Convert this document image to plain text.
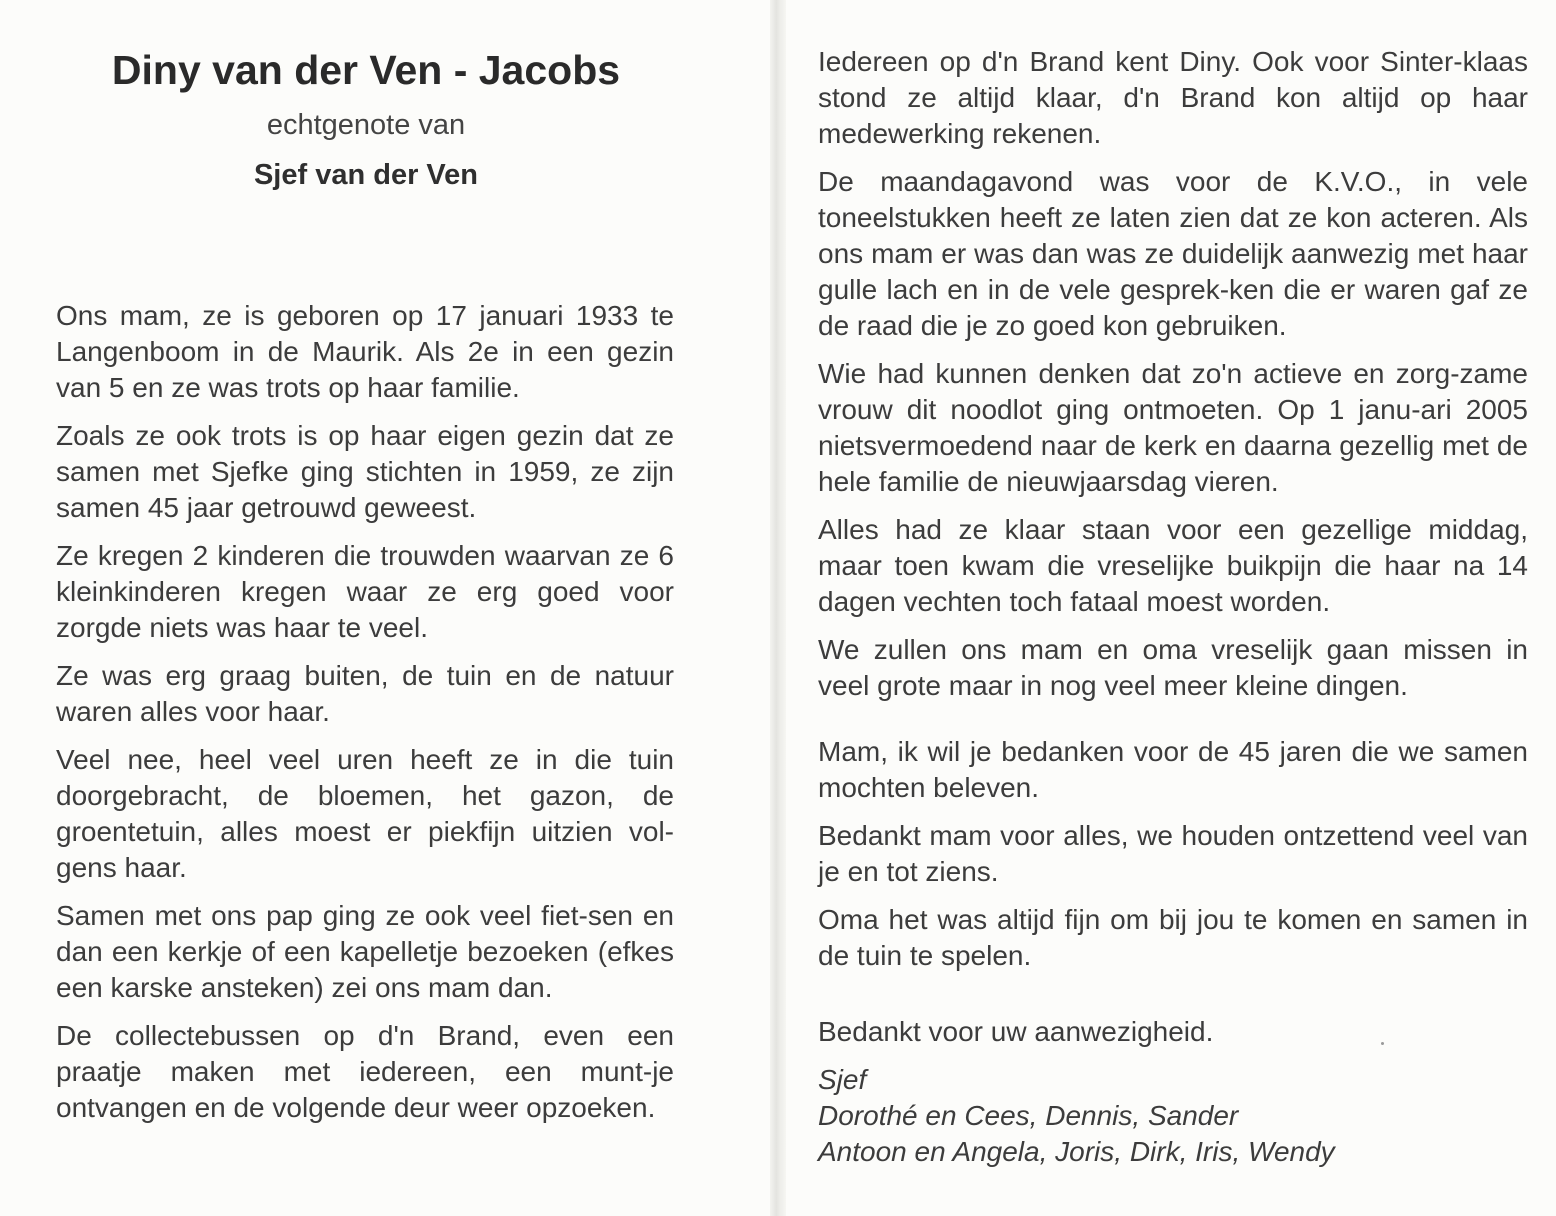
Diny van der Ven - Jacobs
echtgenote van
Sjef van der Ven

Ons mam, ze is geboren op 17 januari 1933 te Langenboom in de Maurik. Als 2e in een gezin van 5 en ze was trots op haar familie.

Zoals ze ook trots is op haar eigen gezin dat ze samen met Sjefke ging stichten in 1959, ze zijn samen 45 jaar getrouwd geweest.

Ze kregen 2 kinderen die trouwden waarvan ze 6 kleinkinderen kregen waar ze erg goed voor zorgde niets was haar te veel.

Ze was erg graag buiten, de tuin en de natuur waren alles voor haar.

Veel nee, heel veel uren heeft ze in die tuin doorgebracht, de bloemen, het gazon, de groentetuin, alles moest er piekfijn uitzien vol-gens haar.

Samen met ons pap ging ze ook veel fiet-sen en dan een kerkje of een kapelletje bezoeken (efkes een karske ansteken) zei ons mam dan.

De collectebussen op d'n Brand, even een praatje maken met iedereen, een munt-je ontvangen en de volgende deur weer opzoeken.

Iedereen op d'n Brand kent Diny. Ook voor Sinter-klaas stond ze altijd klaar, d'n Brand kon altijd op haar medewerking rekenen.

De maandagavond was voor de K.V.O., in vele toneelstukken heeft ze laten zien dat ze kon acteren. Als ons mam er was dan was ze duidelijk aanwezig met haar gulle lach en in de vele gesprek-ken die er waren gaf ze de raad die je zo goed kon gebruiken.

Wie had kunnen denken dat zo'n actieve en zorg-zame vrouw dit noodlot ging ontmoeten. Op 1 janu-ari 2005 nietsvermoedend naar de kerk en daarna gezellig met de hele familie de nieuwjaarsdag vieren.

Alles had ze klaar staan voor een gezellige middag, maar toen kwam die vreselijke buikpijn die haar na 14 dagen vechten toch fataal moest worden.

We zullen ons mam en oma vreselijk gaan missen in veel grote maar in nog veel meer kleine dingen.

Mam, ik wil je bedanken voor de 45 jaren die we samen mochten beleven.

Bedankt mam voor alles, we houden ontzettend veel van je en tot ziens.

Oma het was altijd fijn om bij jou te komen en samen in de tuin te spelen.

Bedankt voor uw aanwezigheid.

Sjef

Dorothé en Cees, Dennis, Sander

Antoon en Angela, Joris, Dirk, Iris, Wendy
